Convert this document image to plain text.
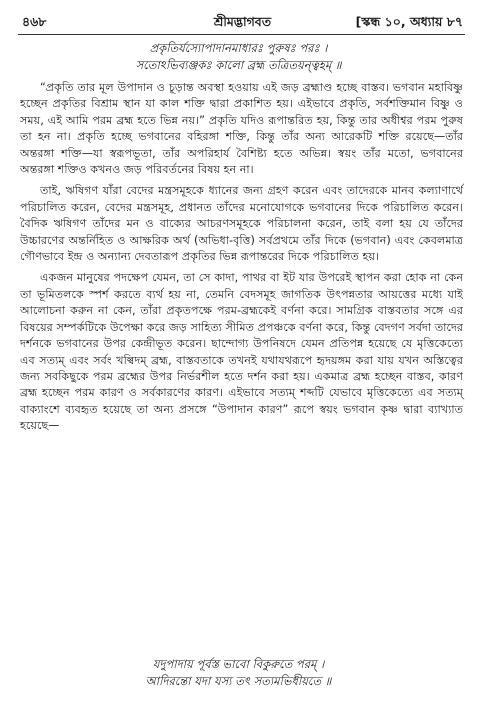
৪৬৮	শ্রীমদ্ভাগবত	[স্কন্ধ ১০, অধ্যায় ৮৭
প্রকৃতির্যস্যোপাদানমাধারঃ পুরুষঃ পরঃ ।
সতোঽভিব্যঞ্জকঃ কালো ব্রহ্ম তত্রিতয়ন্ত্বহম্ ॥

“প্রকৃতি তার মূল উপাদান ও চূড়ান্ত অবস্থা হওয়ায় এই জড় ব্রহ্মাণ্ড হচ্ছে বাস্তব। ভগবান মহাবিষ্ণু হচ্ছেন প্রকৃতির বিশ্রাম স্থান যা কাল শক্তি দ্বারা প্রকাশিত হয়। এইভাবে প্রকৃতি, সর্বশক্তিমান বিষ্ণু ও সময়, এই আমি পরম ব্রহ্ম হতে ভিন্ন নয়।” প্রকৃতি যদিও রূপান্তরিত হয়, কিন্তু তার অধীশ্বর পরম পুরুষ তা হন না। প্রকৃতি হচ্ছে ভগবানের বহিরঙ্গা শক্তি, কিন্তু তাঁর অন্য আরেকটি শক্তি রয়েছে—তাঁর অন্তরঙ্গা শক্তি—যা স্বরূপভূতা, তাঁর অপরিহার্য বৈশিষ্ট্য হতে অভিন্ন। স্বয়ং তাঁর মতো, ভগবানের অন্তরঙ্গা শক্তিও কখনও জড় পরিবর্তনের বিষয় হন না।

তাই, ঋষিগণ যাঁরা বেদের মন্ত্রসমূহকে ধ্যানের জন্য গ্রহণ করেন এবং তাদেরকে মানব কল্যাণার্থে পরিচালিত করেন, বেদের মন্ত্রসমূহ, প্রধানত তাঁদের মনোযোগকে ভগবানের দিকে পরিচালিত করেন। বৈদিক ঋষিগণ তাঁদের মন ও বাক্যের আচরণসমূহকে পরিচালনা করেন, তাই বলা হয় যে তাঁদের উচ্চারণের অন্তর্নিহিত ও আক্ষরিক অর্থ (অভিধা-বৃত্তি) সর্বপ্রথমে তাঁর দিকে (ভগবান) এবং কেবলমাত্র গৌণভাবে ইন্দ্র ও অন্যান্য দেবতারূপ প্রকৃতির ভিন্ন রূপান্তরের দিকে পরিচালিত হয়।

একজন মানুষের পদক্ষেপ যেমন, তা সে কাদা, পাথর বা ইট যার উপরেই স্থাপন করা হোক না কেন তা ভূমিতলকে স্পর্শ করতে ব্যর্থ হয় না, তেমনি বেদসমূহ জাগতিক উৎপন্নতার আয়ত্তের মধ্যে যাই আলোচনা করুন না কেন, তাঁরা প্রকৃতপক্ষে পরম-ব্রহ্মকেই বর্ণনা করে। সামগ্রিক বাস্তবতার সঙ্গে এর বিষয়ের সম্পর্কটিকে উপেক্ষা করে জড় সাহিত্য সীমিত প্রপঞ্চকে বর্ণনা করে, কিন্তু বেদগণ সর্বদা তাদের দর্শনকে ভগবানের উপর কেন্দ্রীভূত করেন। ছান্দোগ্য উপনিষদে যেমন প্রতিপন্ন হয়েছে যে মৃত্তিকেত্যে এব সত্যম্ এবং সর্বং খল্বিদম্ ব্রহ্ম, বাস্তবতাকে তখনই যথাযথরূপে হৃদয়ঙ্গম করা যায় যখন অস্তিত্বের জন্য সবকিছুকে পরম ব্রহ্মের উপর নির্ভরশীল হতে দর্শন করা হয়। একমাত্র ব্রহ্ম হচ্ছেন বাস্তব, কারণ ব্রহ্ম হচ্ছেন পরম কারণ ও সর্বকারণের কারণ। এইভাবে সত্যম্ শব্দটি যেভাবে মৃত্তিকেত্যে এব সত্যম্ বাক্যাংশে ব্যবহৃত হয়েছে তা অন্য প্রসঙ্গে “উপাদান কারণ” রূপে স্বয়ং ভগবান কৃষ্ণ দ্বারা ব্যাখ্যাত হয়েছে—

যদুপাদায় পূর্বস্ত ভাবো বিকুরুতে পরম্ ।
আদিরন্তো যদা যস্য তৎ সত্যমভিধীয়তে ॥
